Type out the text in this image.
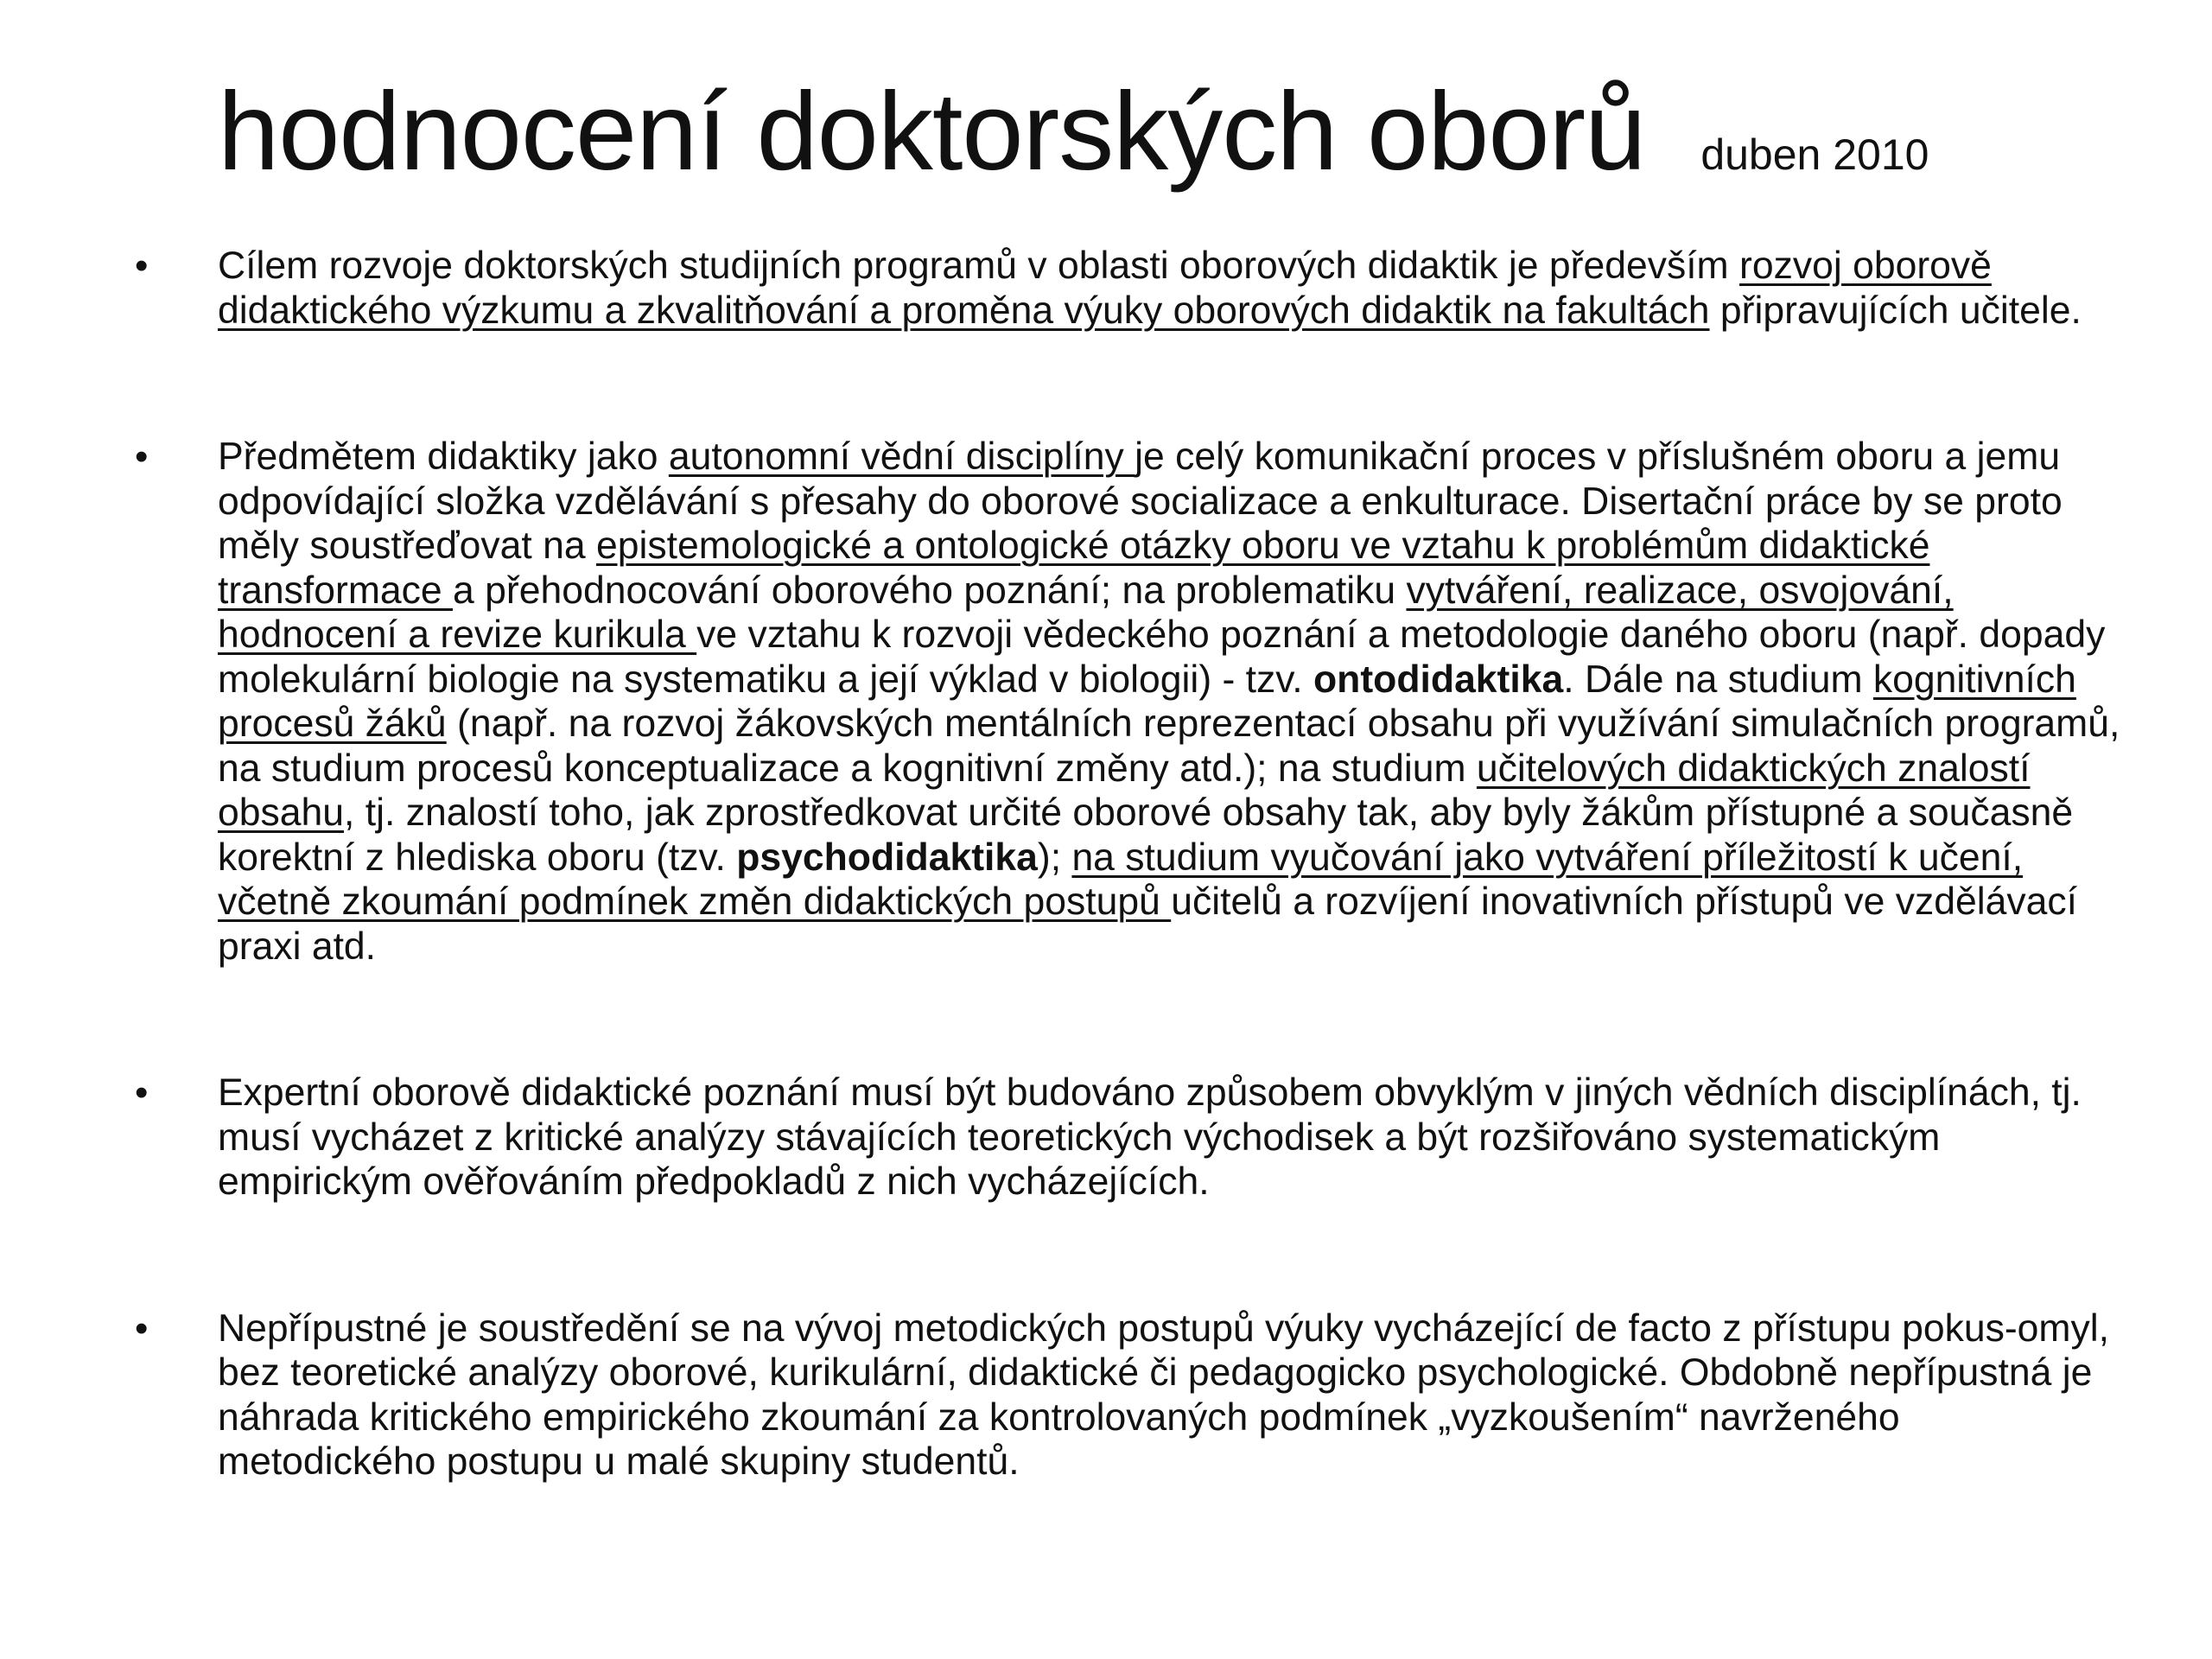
hodnocení doktorských oborů duben 2010
• Cílem rozvoje doktorských studijních programů v oblasti oborových didaktik je především rozvoj oborově didaktického výzkumu a zkvalitňování a proměna výuky oborových didaktik na fakultách připravujících učitele.
• Předmětem didaktiky jako autonomní vědní disciplíny je celý komunikační proces v příslušném oboru a jemu odpovídající složka vzdělávání s přesahy do oborové socializace a enkulturace. Disertační práce by se proto měly soustřeďovat na epistemologické a ontologické otázky oboru ve vztahu k problémům didaktické transformace a přehodnocování oborového poznání; na problematiku vytváření, realizace, osvojování, hodnocení a revize kurikula ve vztahu k rozvoji vědeckého poznání a metodologie daného oboru (např. dopady molekulární biologie na systematiku a její výklad v biologii) - tzv. ontodidaktika. Dále na studium kognitivních procesů žáků (např. na rozvoj žákovských mentálních reprezentací obsahu při využívání simulačních programů, na studium procesů konceptualizace a kognitivní změny atd.); na studium učitelových didaktických znalostí obsahu, tj. znalostí toho, jak zprostředkovat určité oborové obsahy tak, aby byly žákům přístupné a současně korektní z hlediska oboru (tzv. psychodidaktika); na studium vyučování jako vytváření příležitostí k učení, včetně zkoumání podmínek změn didaktických postupů učitelů a rozvíjení inovativních přístupů ve vzdělávací praxi atd.
• Expertní oborově didaktické poznání musí být budováno způsobem obvyklým v jiných vědních disciplínách, tj. musí vycházet z kritické analýzy stávajících teoretických východisek a být rozšiřováno systematickým empirickým ověřováním předpokladů z nich vycházejících.
• Nepřípustné je soustředění se na vývoj metodických postupů výuky vycházející de facto z přístupu pokus-omyl, bez teoretické analýzy oborové, kurikulární, didaktické či pedagogicko psychologické. Obdobně nepřípustná je náhrada kritického empirického zkoumání za kontrolovaných podmínek „vyzkoušením“ navrženého metodického postupu u malé skupiny studentů.
